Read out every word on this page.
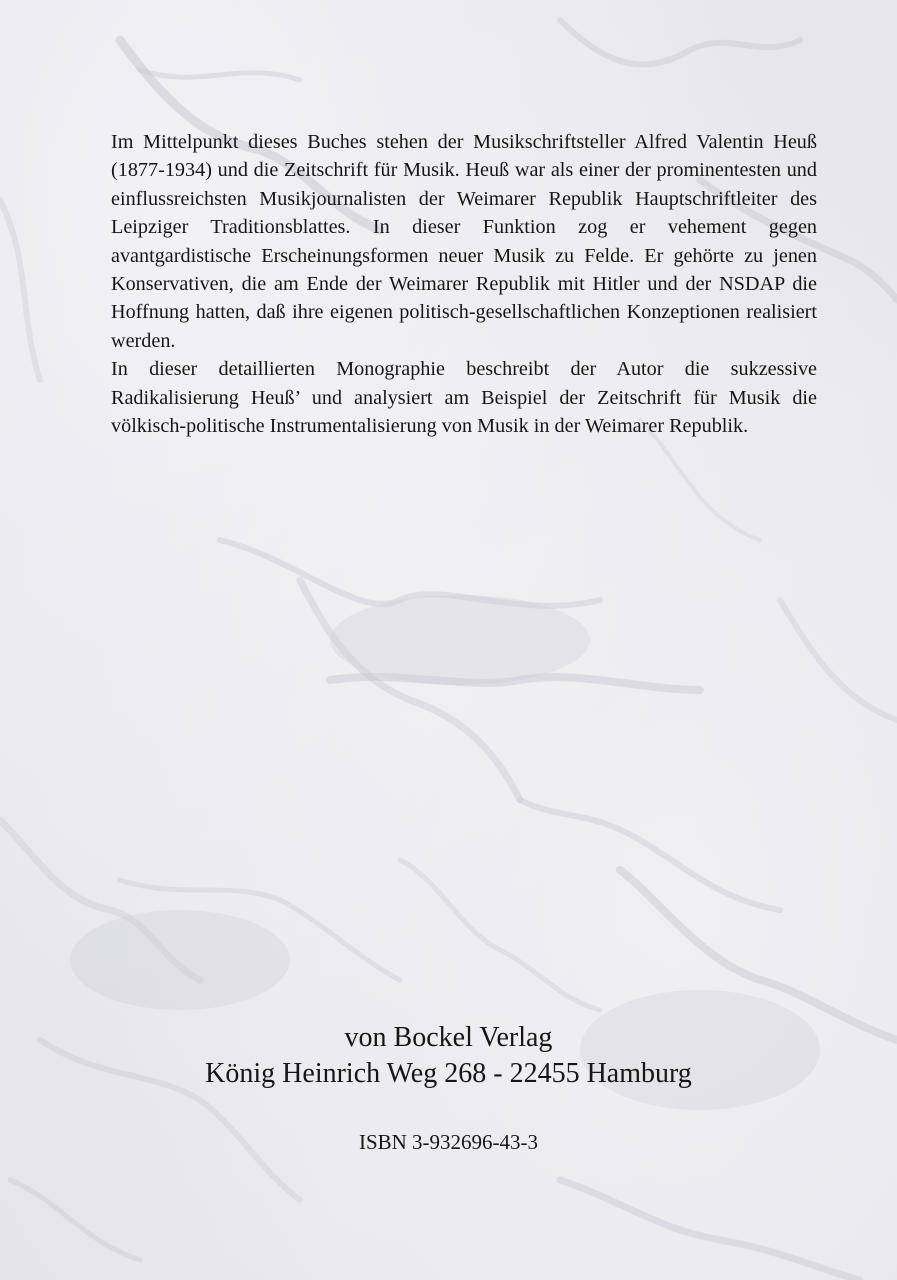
Im Mittelpunkt dieses Buches stehen der Musikschriftsteller Alfred Valentin Heuß (1877-1934) und die Zeitschrift für Musik. Heuß war als einer der prominentesten und einflussreichsten Musikjournalisten der Weimarer Republik Hauptschriftleiter des Leipziger Traditionsblattes. In dieser Funktion zog er vehement gegen avantgardistische Erscheinungsformen neuer Musik zu Felde. Er gehörte zu jenen Konservativen, die am Ende der Weimarer Republik mit Hitler und der NSDAP die Hoffnung hatten, daß ihre eigenen politisch-gesellschaftlichen Konzeptionen realisiert werden.

In dieser detaillierten Monographie beschreibt der Autor die sukzessive Radikalisierung Heuß’ und analysiert am Beispiel der Zeitschrift für Musik die völkisch-politische Instrumentalisierung von Musik in der Weimarer Republik.

von Bockel Verlag
König Heinrich Weg 268 - 22455 Hamburg
ISBN 3-932696-43-3
